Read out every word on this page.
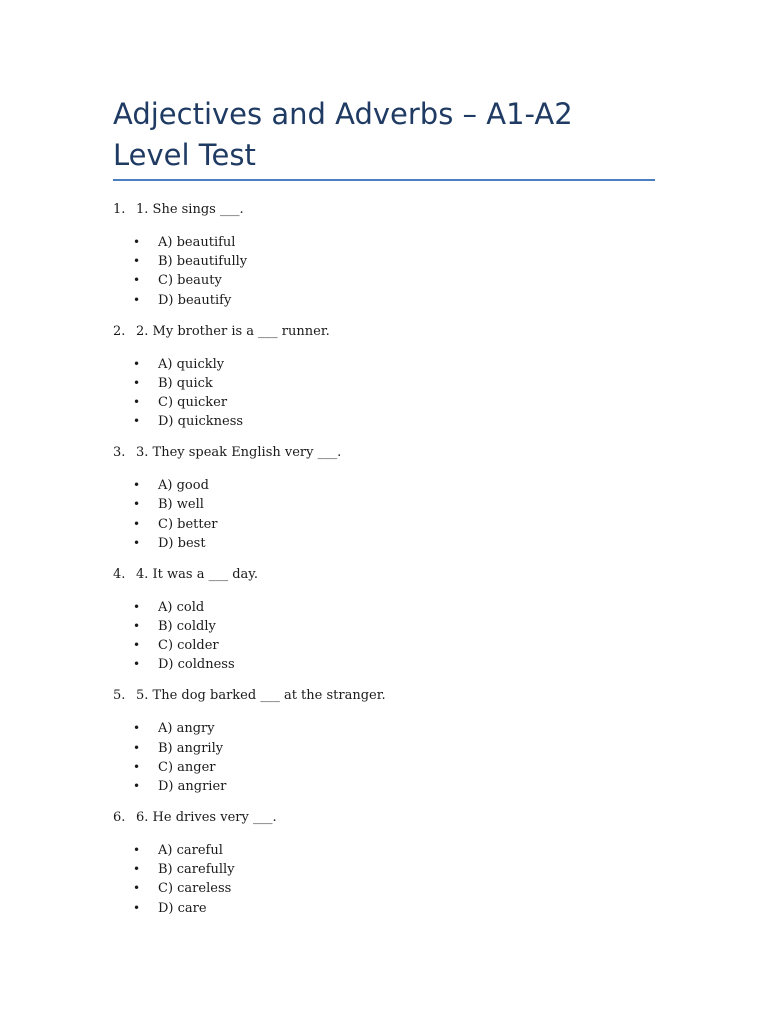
Adjectives and Adverbs – A1-A2 Level Test
1. 1. She sings ___.
• A) beautiful
• B) beautifully
• C) beauty
• D) beautify
2. 2. My brother is a ___ runner.
• A) quickly
• B) quick
• C) quicker
• D) quickness
3. 3. They speak English very ___.
• A) good
• B) well
• C) better
• D) best
4. 4. It was a ___ day.
• A) cold
• B) coldly
• C) colder
• D) coldness
5. 5. The dog barked ___ at the stranger.
• A) angry
• B) angrily
• C) anger
• D) angrier
6. 6. He drives very ___.
• A) careful
• B) carefully
• C) careless
• D) care
